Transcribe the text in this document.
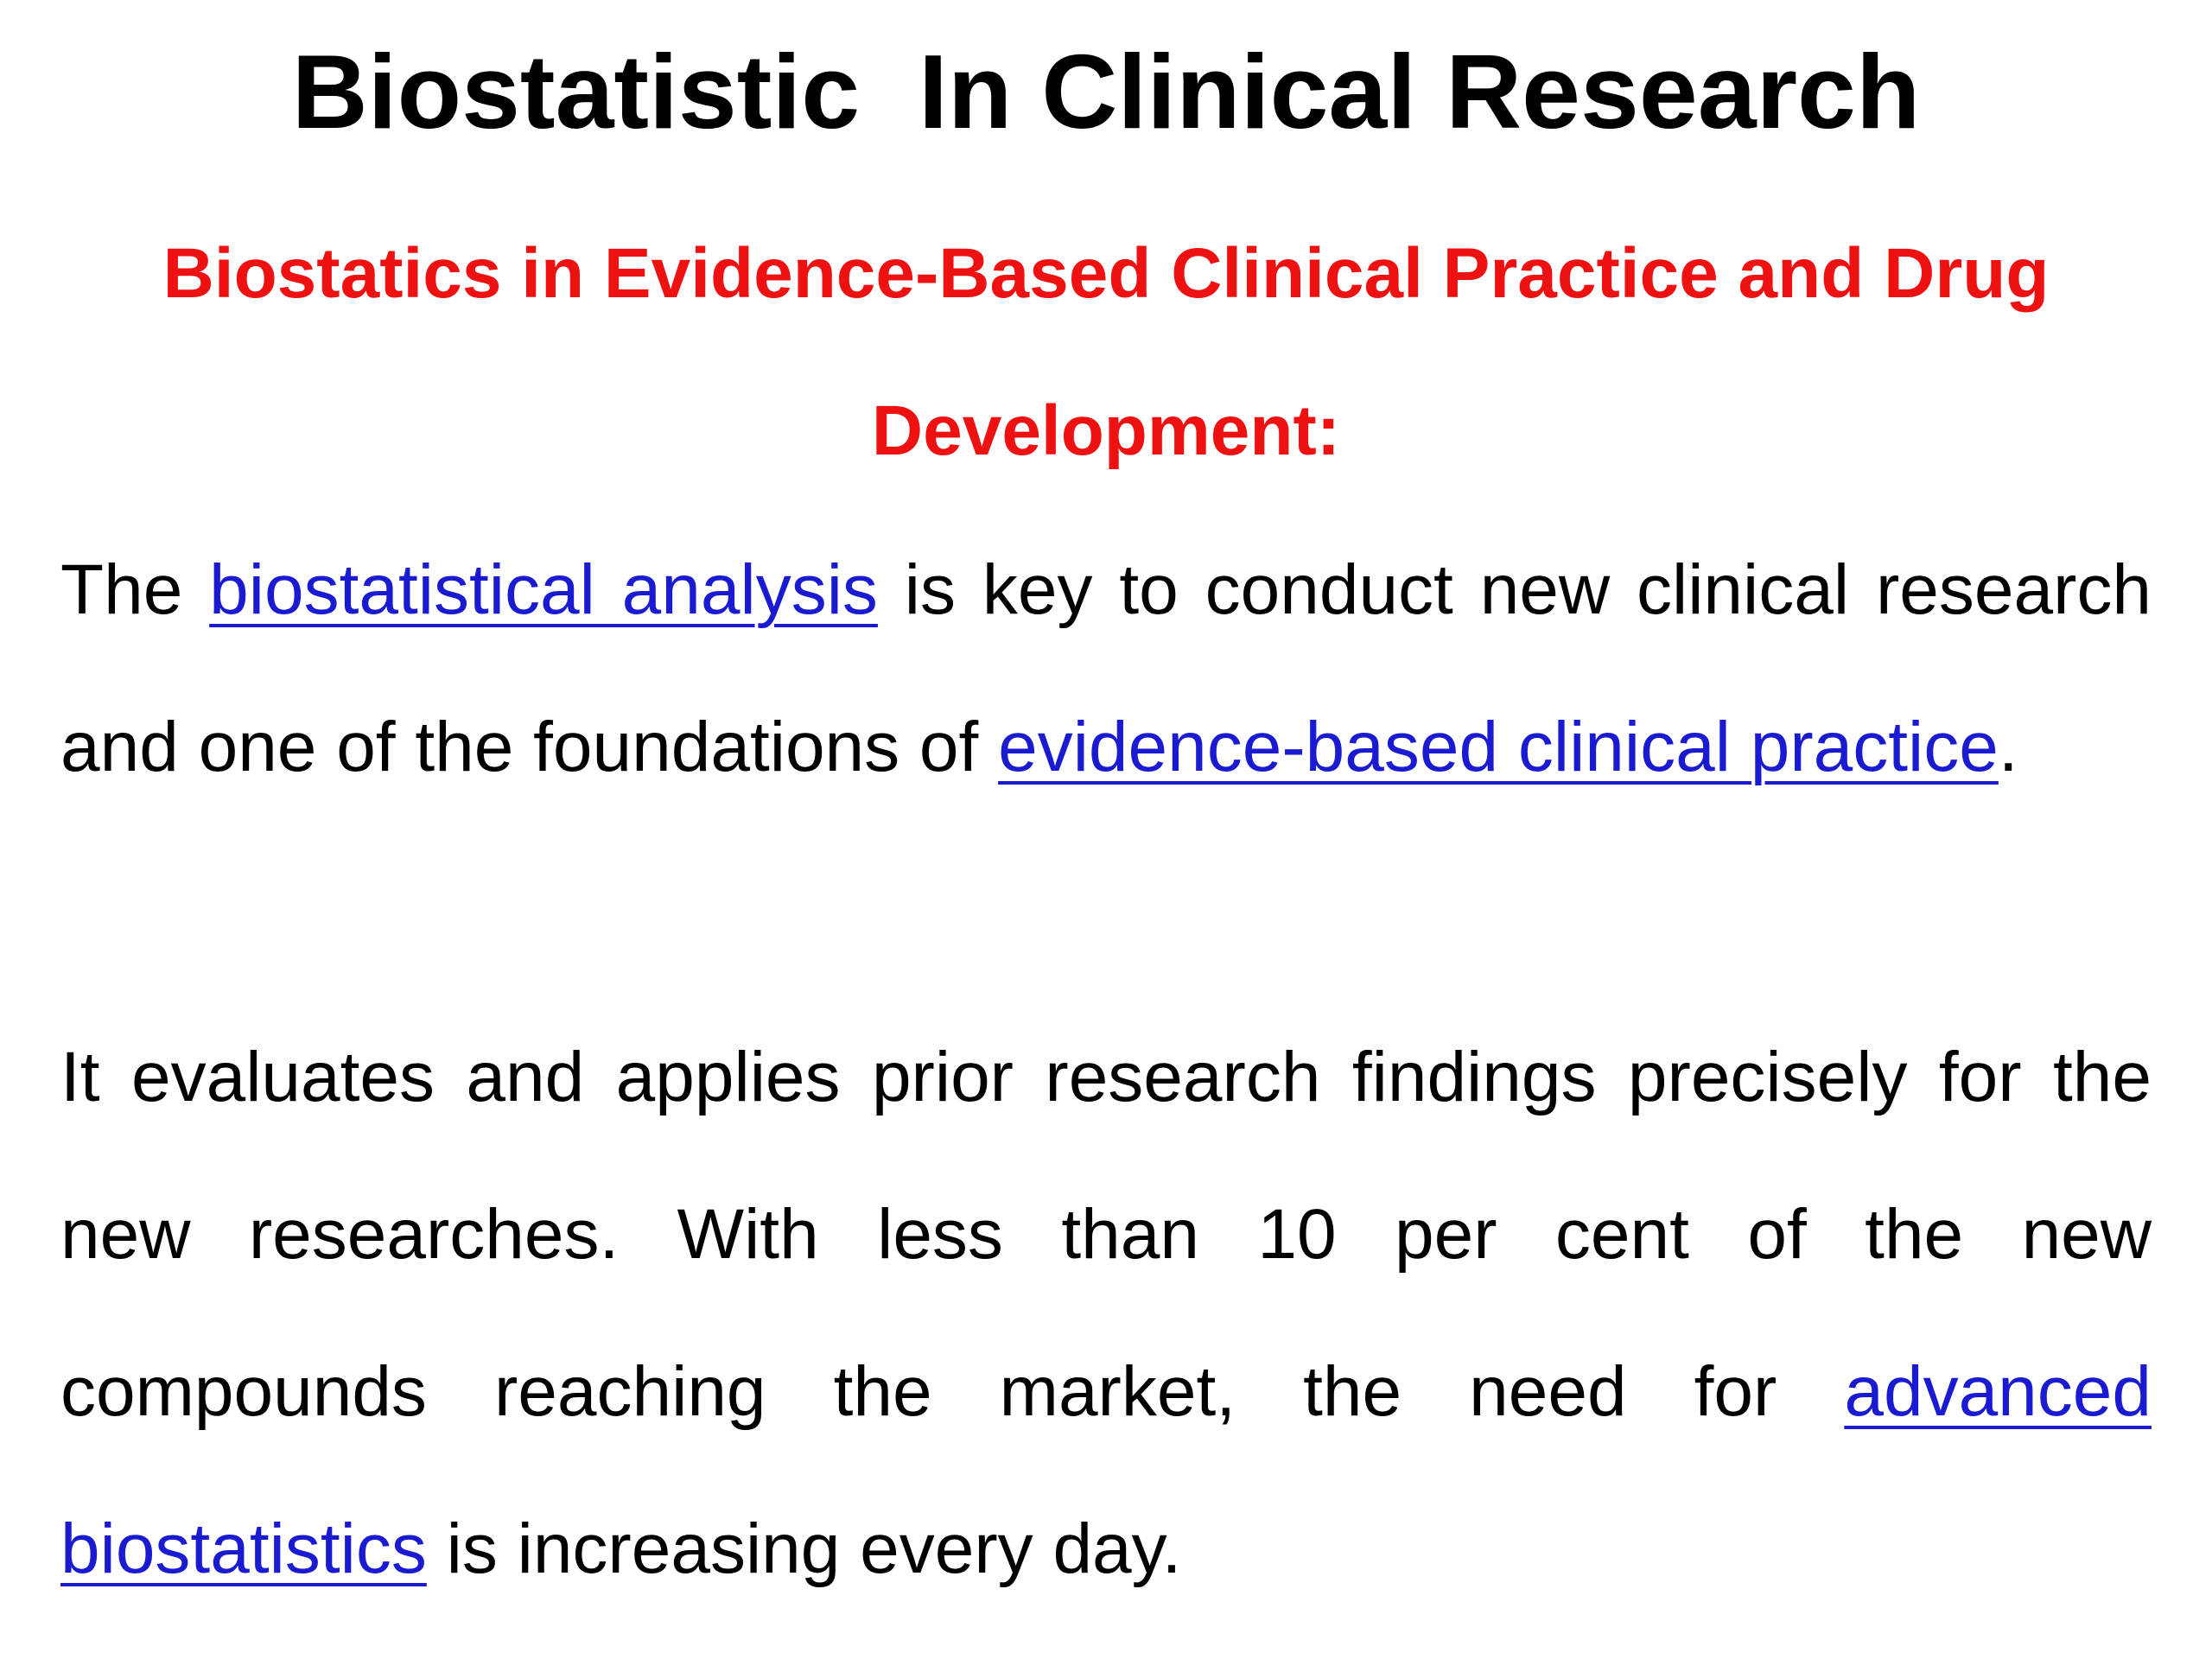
Biostatistic  In Clinical Research
Biostatics in Evidence-Based Clinical Practice and Drug Development:
The biostatistical analysis is key to conduct new clinical research and one of the foundations of evidence-based clinical practice.
It evaluates and applies prior research findings precisely for the new researches. With less than 10 per cent of the new compounds reaching the market, the need for advanced biostatistics is increasing every day.
